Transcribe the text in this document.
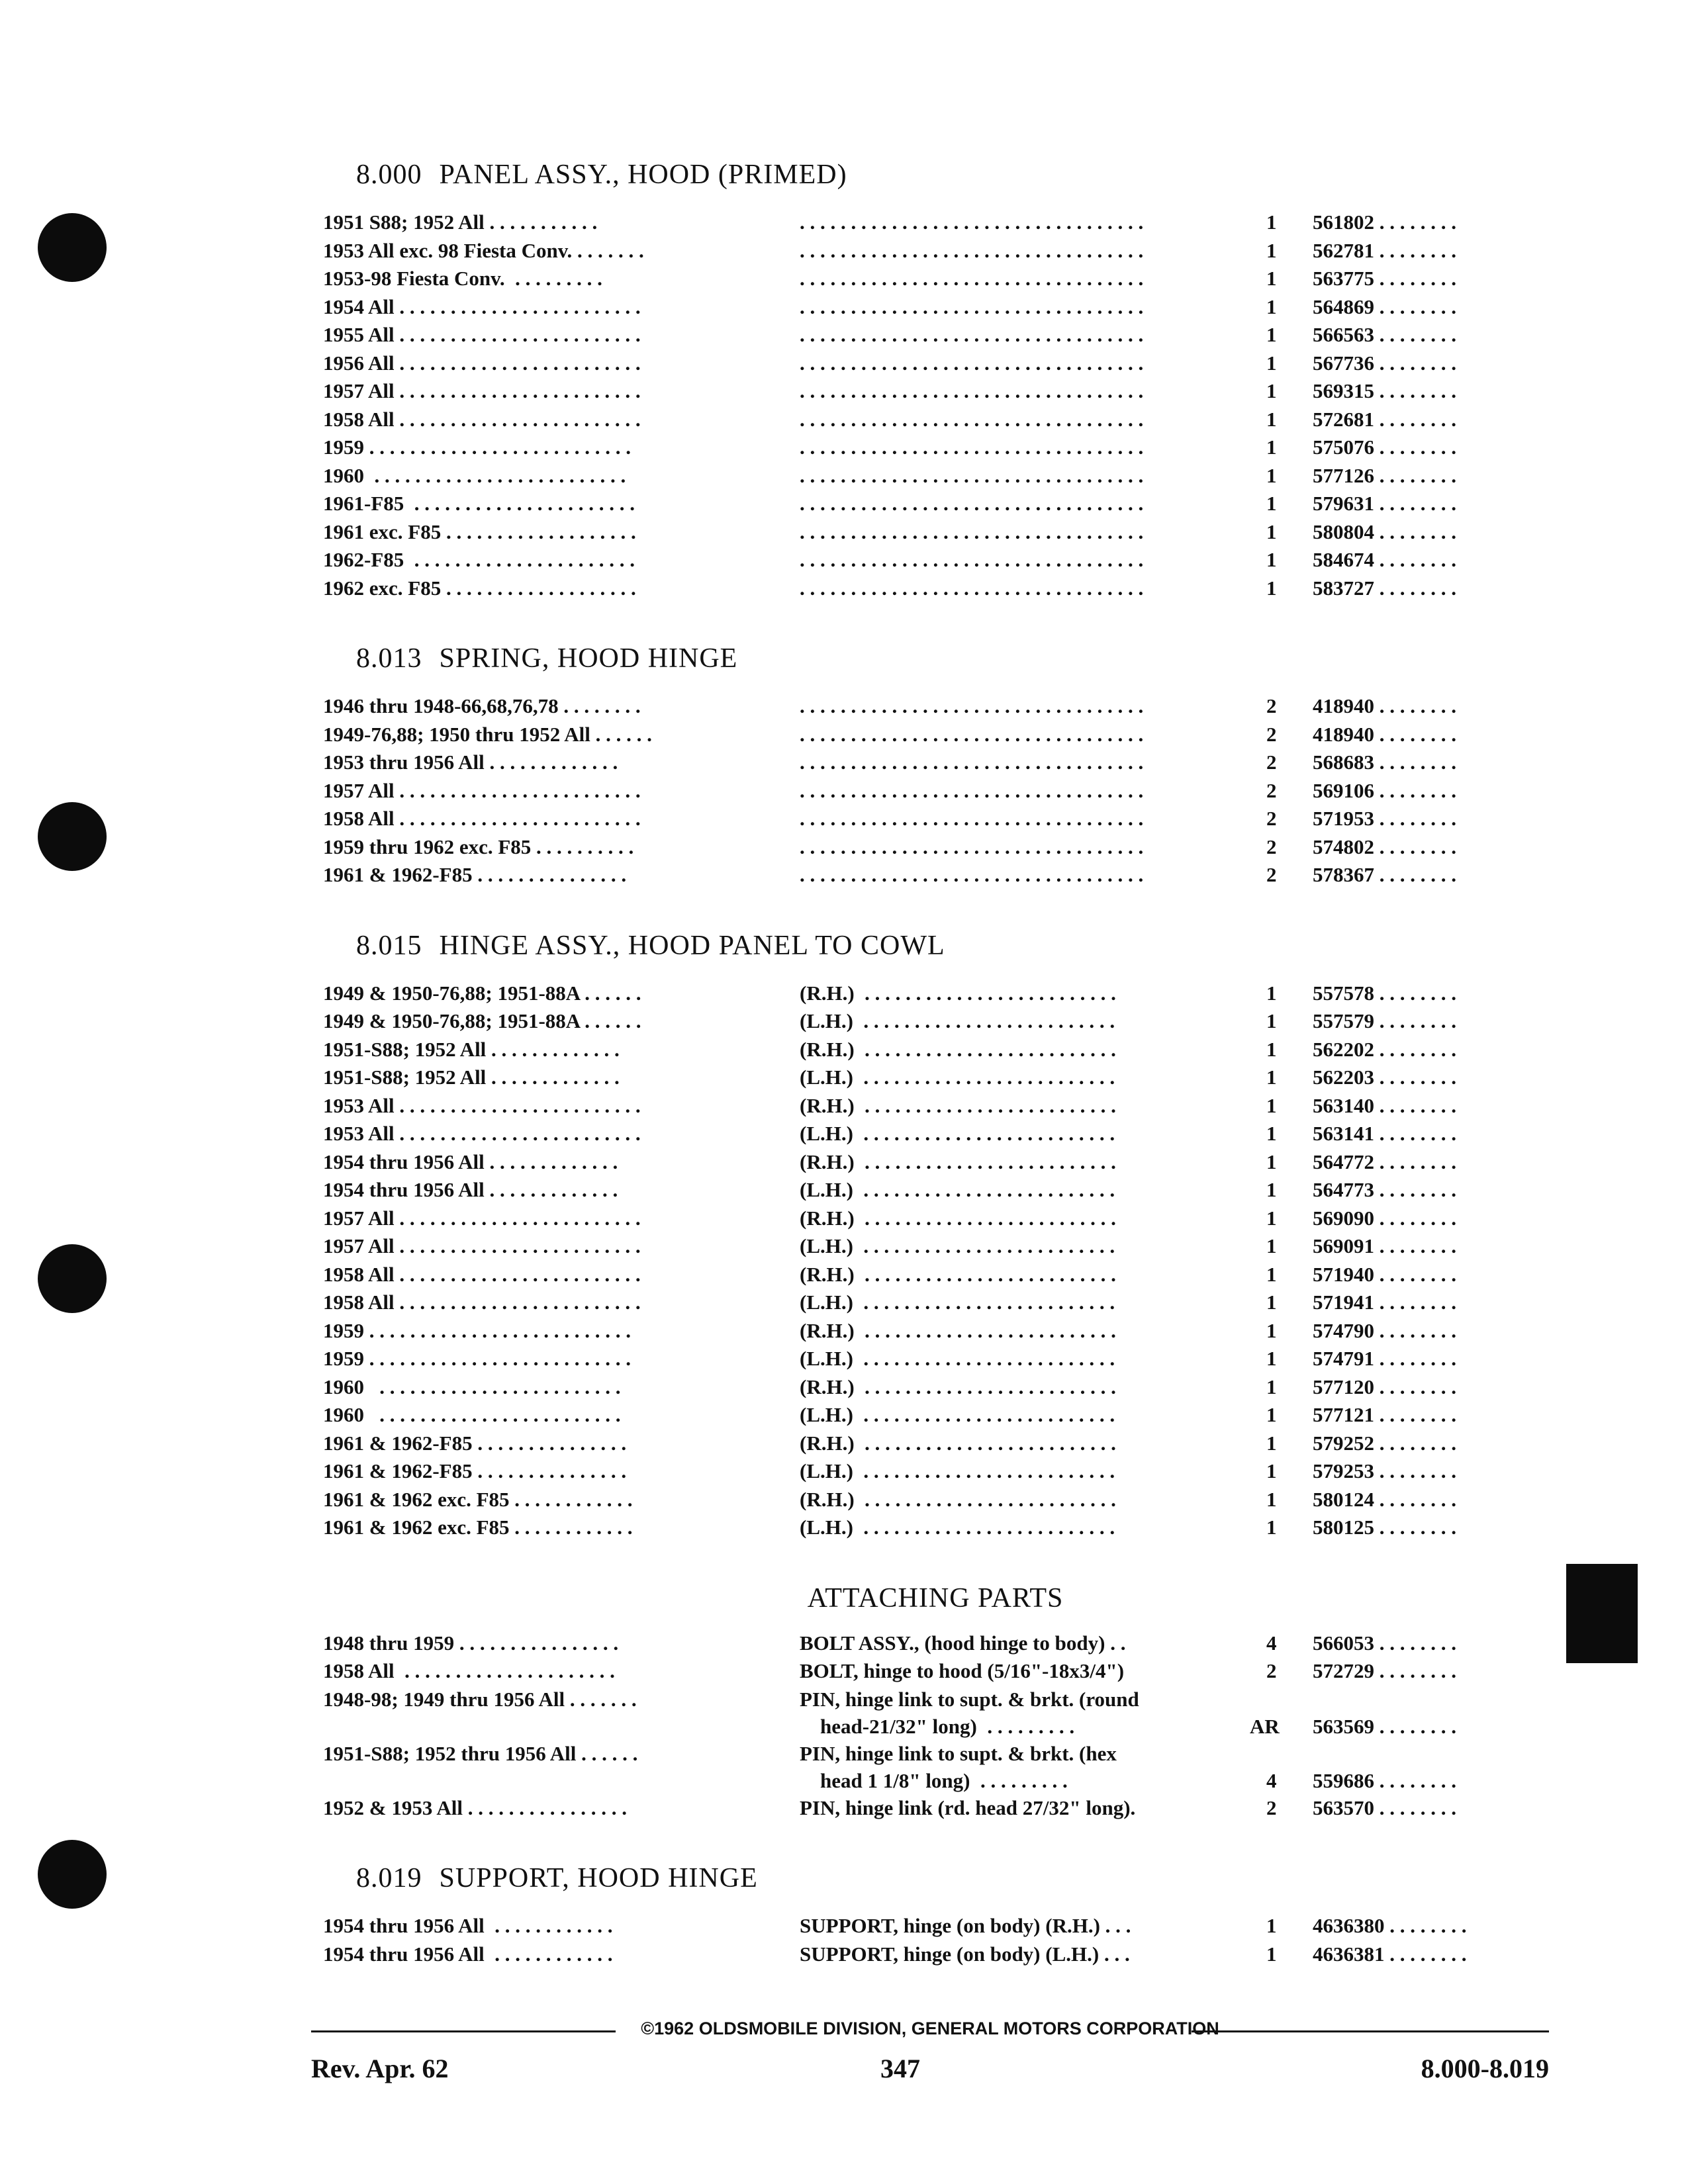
8.000 PANEL ASSY., HOOD (PRIMED)
1951 S88; 1952 All . . . . . . . . . . .	. . . . . . . . . . . . . . . . . . . . . . . . . . . . . . . . . .	1 561802 . . . . . . . .
1953 All exc. 98 Fiesta Conv. . . . . . . .	. . . . . . . . . . . . . . . . . . . . . . . . . . . . . . . . . .	1 562781 . . . . . . . .
1953-98 Fiesta Conv.  . . . . . . . . .	. . . . . . . . . . . . . . . . . . . . . . . . . . . . . . . . . .	1 563775 . . . . . . . .
1954 All . . . . . . . . . . . . . . . . . . . . . . . .	. . . . . . . . . . . . . . . . . . . . . . . . . . . . . . . . . .	1 564869 . . . . . . . .
1955 All . . . . . . . . . . . . . . . . . . . . . . . .	. . . . . . . . . . . . . . . . . . . . . . . . . . . . . . . . . .	1 566563 . . . . . . . .
1956 All . . . . . . . . . . . . . . . . . . . . . . . .	. . . . . . . . . . . . . . . . . . . . . . . . . . . . . . . . . .	1 567736 . . . . . . . .
1957 All . . . . . . . . . . . . . . . . . . . . . . . .	. . . . . . . . . . . . . . . . . . . . . . . . . . . . . . . . . .	1 569315 . . . . . . . .
1958 All . . . . . . . . . . . . . . . . . . . . . . . .	. . . . . . . . . . . . . . . . . . . . . . . . . . . . . . . . . .	1 572681 . . . . . . . .
1959 . . . . . . . . . . . . . . . . . . . . . . . . . .	. . . . . . . . . . . . . . . . . . . . . . . . . . . . . . . . . .	1 575076 . . . . . . . .
1960  . . . . . . . . . . . . . . . . . . . . . . . . .	. . . . . . . . . . . . . . . . . . . . . . . . . . . . . . . . . .	1 577126 . . . . . . . .
1961-F85  . . . . . . . . . . . . . . . . . . . . . .	. . . . . . . . . . . . . . . . . . . . . . . . . . . . . . . . . .	1 579631 . . . . . . . .
1961 exc. F85 . . . . . . . . . . . . . . . . . . .	. . . . . . . . . . . . . . . . . . . . . . . . . . . . . . . . . .	1 580804 . . . . . . . .
1962-F85  . . . . . . . . . . . . . . . . . . . . . .	. . . . . . . . . . . . . . . . . . . . . . . . . . . . . . . . . .	1 584674 . . . . . . . .
1962 exc. F85 . . . . . . . . . . . . . . . . . . .	. . . . . . . . . . . . . . . . . . . . . . . . . . . . . . . . . .	1 583727 . . . . . . . .
8.013 SPRING, HOOD HINGE
1946 thru 1948-66,68,76,78 . . . . . . . .	. . . . . . . . . . . . . . . . . . . . . . . . . . . . . . . . . .	2 418940 . . . . . . . .
1949-76,88; 1950 thru 1952 All . . . . . .	. . . . . . . . . . . . . . . . . . . . . . . . . . . . . . . . . .	2 418940 . . . . . . . .
1953 thru 1956 All . . . . . . . . . . . . .	. . . . . . . . . . . . . . . . . . . . . . . . . . . . . . . . . .	2 568683 . . . . . . . .
1957 All . . . . . . . . . . . . . . . . . . . . . . . .	. . . . . . . . . . . . . . . . . . . . . . . . . . . . . . . . . .	2 569106 . . . . . . . .
1958 All . . . . . . . . . . . . . . . . . . . . . . . .	. . . . . . . . . . . . . . . . . . . . . . . . . . . . . . . . . .	2 571953 . . . . . . . .
1959 thru 1962 exc. F85 . . . . . . . . . .	. . . . . . . . . . . . . . . . . . . . . . . . . . . . . . . . . .	2 574802 . . . . . . . .
1961 & 1962-F85 . . . . . . . . . . . . . . .	. . . . . . . . . . . . . . . . . . . . . . . . . . . . . . . . . .	2 578367 . . . . . . . .
8.015 HINGE ASSY., HOOD PANEL TO COWL
1949 & 1950-76,88; 1951-88A . . . . . .	(R.H.)  . . . . . . . . . . . . . . . . . . . . . . . . .	1 557578 . . . . . . . .
1949 & 1950-76,88; 1951-88A . . . . . .	(L.H.)  . . . . . . . . . . . . . . . . . . . . . . . . .	1 557579 . . . . . . . .
1951-S88; 1952 All . . . . . . . . . . . . .	(R.H.)  . . . . . . . . . . . . . . . . . . . . . . . . .	1 562202 . . . . . . . .
1951-S88; 1952 All . . . . . . . . . . . . .	(L.H.)  . . . . . . . . . . . . . . . . . . . . . . . . .	1 562203 . . . . . . . .
1953 All . . . . . . . . . . . . . . . . . . . . . . . .	(R.H.)  . . . . . . . . . . . . . . . . . . . . . . . . .	1 563140 . . . . . . . .
1953 All . . . . . . . . . . . . . . . . . . . . . . . .	(L.H.)  . . . . . . . . . . . . . . . . . . . . . . . . .	1 563141 . . . . . . . .
1954 thru 1956 All . . . . . . . . . . . . .	(R.H.)  . . . . . . . . . . . . . . . . . . . . . . . . .	1 564772 . . . . . . . .
1954 thru 1956 All . . . . . . . . . . . . .	(L.H.)  . . . . . . . . . . . . . . . . . . . . . . . . .	1 564773 . . . . . . . .
1957 All . . . . . . . . . . . . . . . . . . . . . . . .	(R.H.)  . . . . . . . . . . . . . . . . . . . . . . . . .	1 569090 . . . . . . . .
1957 All . . . . . . . . . . . . . . . . . . . . . . . .	(L.H.)  . . . . . . . . . . . . . . . . . . . . . . . . .	1 569091 . . . . . . . .
1958 All . . . . . . . . . . . . . . . . . . . . . . . .	(R.H.)  . . . . . . . . . . . . . . . . . . . . . . . . .	1 571940 . . . . . . . .
1958 All . . . . . . . . . . . . . . . . . . . . . . . .	(L.H.)  . . . . . . . . . . . . . . . . . . . . . . . . .	1 571941 . . . . . . . .
1959 . . . . . . . . . . . . . . . . . . . . . . . . . .	(R.H.)  . . . . . . . . . . . . . . . . . . . . . . . . .	1 574790 . . . . . . . .
1959 . . . . . . . . . . . . . . . . . . . . . . . . . .	(L.H.)  . . . . . . . . . . . . . . . . . . . . . . . . .	1 574791 . . . . . . . .
1960   . . . . . . . . . . . . . . . . . . . . . . . .	(R.H.)  . . . . . . . . . . . . . . . . . . . . . . . . .	1 577120 . . . . . . . .
1960   . . . . . . . . . . . . . . . . . . . . . . . .	(L.H.)  . . . . . . . . . . . . . . . . . . . . . . . . .	1 577121 . . . . . . . .
1961 & 1962-F85 . . . . . . . . . . . . . . .	(R.H.)  . . . . . . . . . . . . . . . . . . . . . . . . .	1 579252 . . . . . . . .
1961 & 1962-F85 . . . . . . . . . . . . . . .	(L.H.)  . . . . . . . . . . . . . . . . . . . . . . . . .	1 579253 . . . . . . . .
1961 & 1962 exc. F85 . . . . . . . . . . . .	(R.H.)  . . . . . . . . . . . . . . . . . . . . . . . . .	1 580124 . . . . . . . .
1961 & 1962 exc. F85 . . . . . . . . . . . .	(L.H.)  . . . . . . . . . . . . . . . . . . . . . . . . .	1 580125 . . . . . . . .
ATTACHING PARTS
1948 thru 1959 . . . . . . . . . . . . . . . .	BOLT ASSY., (hood hinge to body) . .	4 566053 . . . . . . . .
1958 All  . . . . . . . . . . . . . . . . . . . . .	BOLT, hinge to hood (5/16"-18x3/4")	2 572729 . . . . . . . .
1948-98; 1949 thru 1956 All . . . . . . .	PIN, hinge link to supt. & brkt. (round
head-21/32" long)  . . . . . . . . .	AR 563569 . . . . . . . .
1951-S88; 1952 thru 1956 All . . . . . .	PIN, hinge link to supt. & brkt. (hex
head 1 1/8" long)  . . . . . . . . .	4 559686 . . . . . . . .
1952 & 1953 All . . . . . . . . . . . . . . . .	PIN, hinge link (rd. head 27/32" long).	2 563570 . . . . . . . .
8.019 SUPPORT, HOOD HINGE
1954 thru 1956 All  . . . . . . . . . . . .	SUPPORT, hinge (on body) (R.H.) . . .	1 4636380 . . . . . . . .
1954 thru 1956 All  . . . . . . . . . . . .	SUPPORT, hinge (on body) (L.H.) . . .	1 4636381 . . . . . . . .
©1962 OLDSMOBILE DIVISION, GENERAL MOTORS CORPORATION
Rev. Apr. 62	347	8.000-8.019
